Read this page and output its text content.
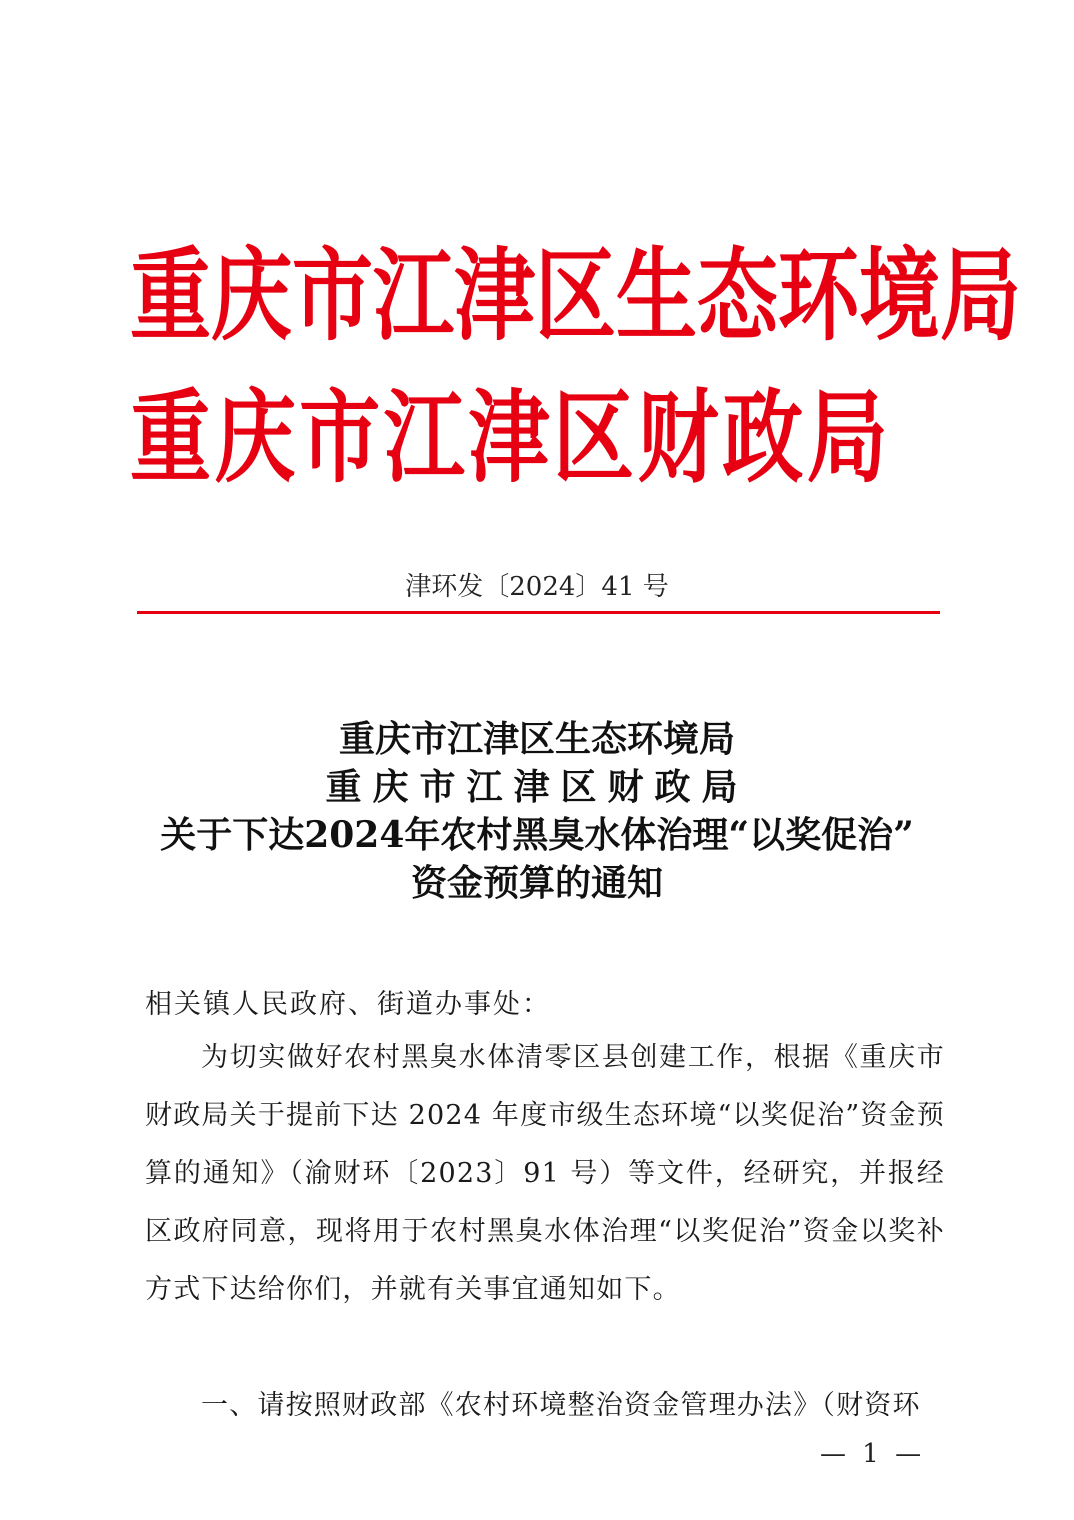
重庆市江津区生态环境局
重庆市江津区财政局
津环发〔2024〕41 号
重庆市江津区生态环境局
重庆市江津区财政局
关于下达2024年农村黑臭水体治理“以奖促治”
资金预算的通知
相关镇人民政府、街道办事处：
为切实做好农村黑臭水体清零区县创建工作，根据《重庆市财政局关于提前下达 2024 年度市级生态环境“以奖促治”资金预算的通知》（渝财环〔2023〕91 号）等文件，经研究，并报经区政府同意，现将用于农村黑臭水体治理“以奖促治”资金以奖补方式下达给你们，并就有关事宜通知如下。
一、请按照财政部《农村环境整治资金管理办法》（财资环
— 1 —
